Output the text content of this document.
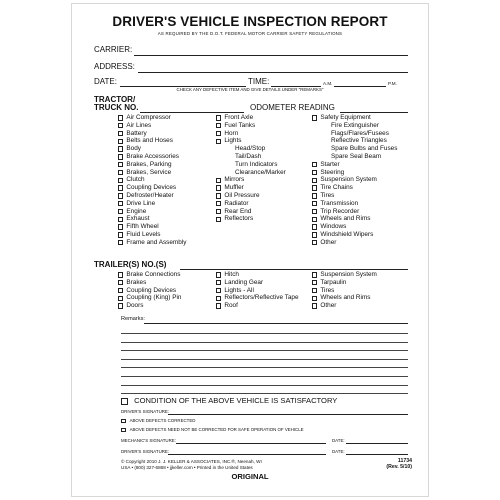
DRIVER'S VEHICLE INSPECTION REPORT
AS REQUIRED BY THE D.O.T. FEDERAL MOTOR CARRIER SAFETY REGULATIONS
CARRIER:
ADDRESS:
DATE:	TIME:	A.M.	P.M.
CHECK ANY DEFECTIVE ITEM AND GIVE DETAILS UNDER "REMARKS"
TRACTOR/
TRUCK NO.	ODOMETER READING
Air Compressor
Air Lines
Battery
Belts and Hoses
Body
Brake Accessories
Brakes, Parking
Brakes, Service
Clutch
Coupling Devices
Defroster/Heater
Drive Line
Engine
Exhaust
Fifth Wheel
Fluid Levels
Frame and Assembly
Front Axle
Fuel Tanks
Horn
Lights
Head/Stop
Tail/Dash
Turn Indicators
Clearance/Marker
Mirrors
Muffler
Oil Pressure
Radiator
Rear End
Reflectors
Safety Equipment
Fire Extinguisher
Flags/Flares/Fusees
Reflective Triangles
Spare Bulbs and Fuses
Spare Seal Beam
Starter
Steering
Suspension System
Tire Chains
Tires
Transmission
Trip Recorder
Wheels and Rims
Windows
Windshield Wipers
Other
TRAILER(S) NO.(S)
Brake Connections
Brakes
Coupling Devices
Coupling (King) Pin
Doors
Hitch
Landing Gear
Lights - All
Reflectors/Reflective Tape
Roof
Suspension System
Tarpaulin
Tires
Wheels and Rims
Other
Remarks:
CONDITION OF THE ABOVE VEHICLE IS SATISFACTORY
DRIVER'S SIGNATURE:
ABOVE DEFECTS CORRECTED
ABOVE DEFECTS NEED NOT BE CORRECTED FOR SAFE OPERATION OF VEHICLE
MECHANIC'S SIGNATURE:	DATE:
DRIVER'S SIGNATURE:	DATE:
© Copyright 2010 J. J. KELLER & ASSOCIATES, INC.®, Neenah, WI
USA • (800) 327-6868 • jjkeller.com • Printed in the United States
11734
(Rev. 5/10)
ORIGINAL
